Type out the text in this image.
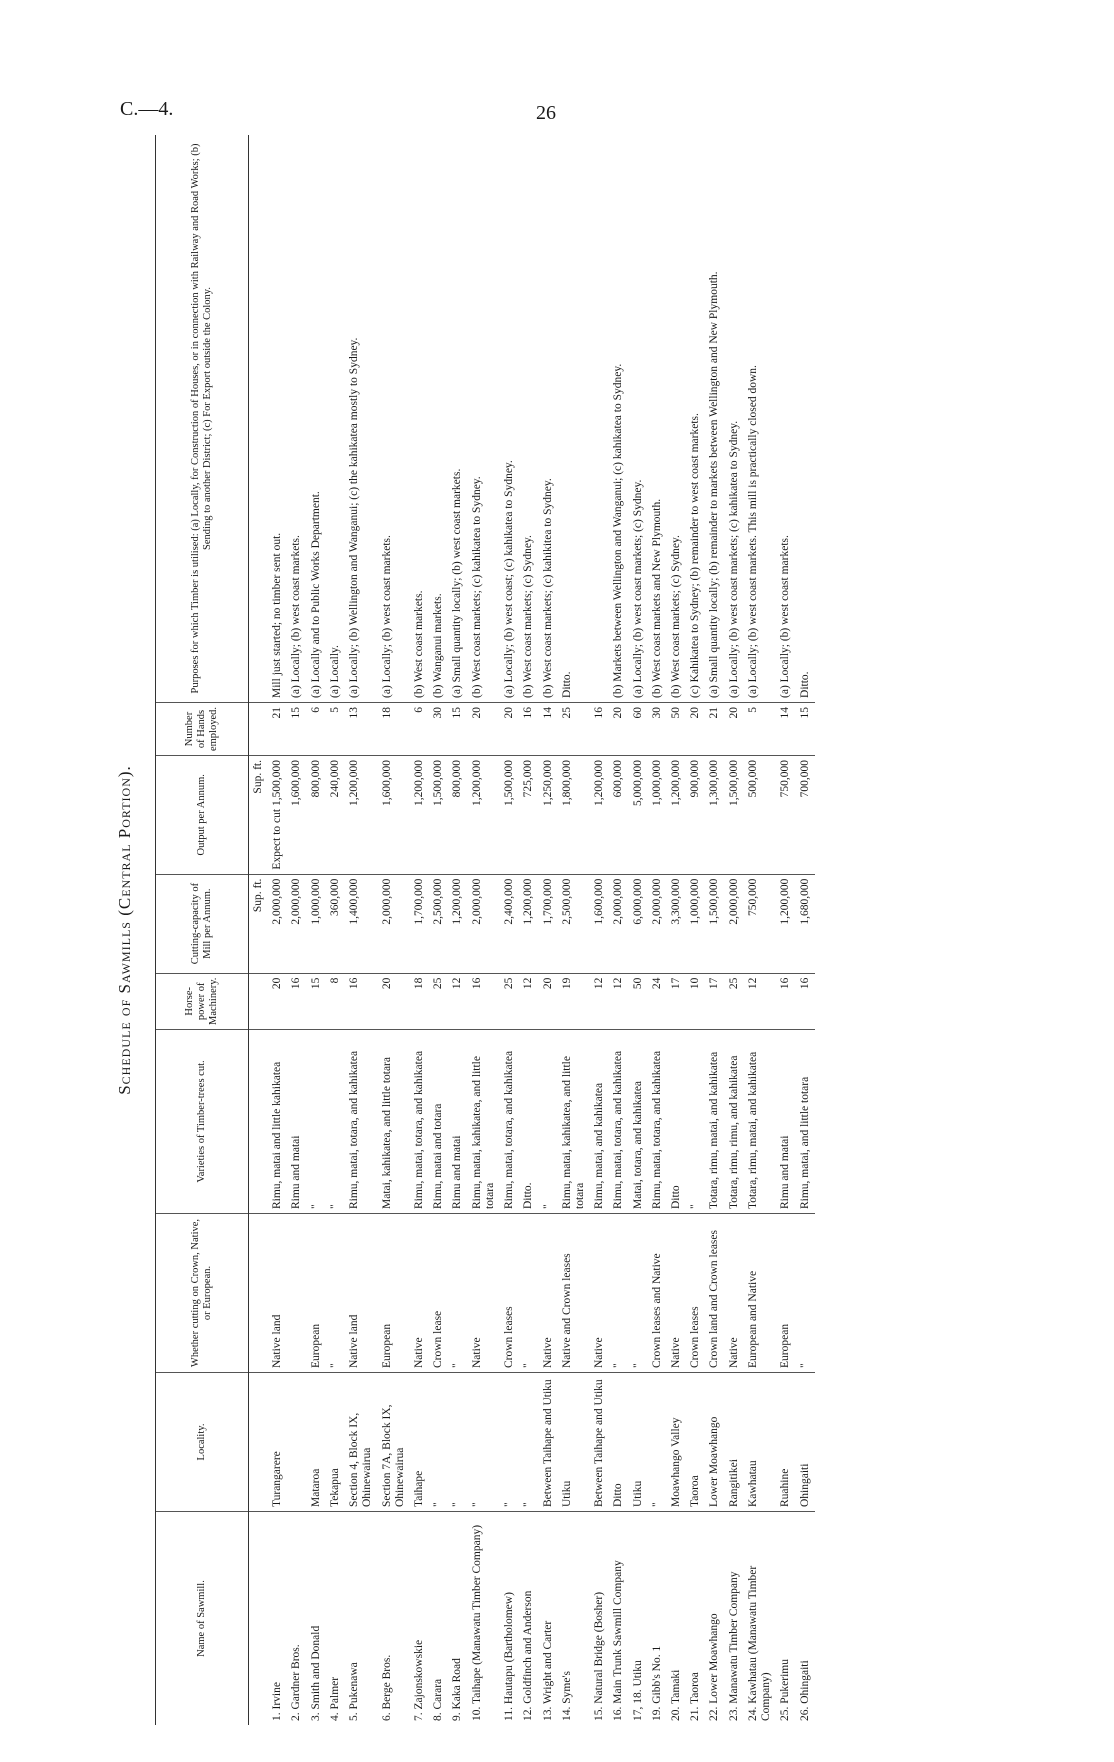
C.—4.	26
Schedule of Sawmills (Central Portion).
Name of Sawmill.	Locality.	Whether cutting on Crown, Native, or European.	Varieties of Timber-trees cut.	Horse-power of Machinery.	Cutting-capacity of Mill per Annum.	Output per Annum.	Number of Hands employed.	Purposes for which Timber is utilised: (a) Locally, for Construction of Houses, or in connection with Railway and Road Works; (b) Sending to another District; (c) For Export outside the Colony.
					Sup. ft.	Sup. ft.		
1. Irvine	Turangarere	Native land	Rimu, matai and little kahikatea	20	2,000,000	Expect to cut 1,500,000	21	Mill just started; no timber sent out.
2. Gardner Bros.			Rimu and matai	16	2,000,000	1,600,000	15	(a) Locally; (b) west coast markets.
3. Smith and Donald	Mataroa	European	"	15	1,000,000	800,000	6	(a) Locally and to Public Works Department.
4. Palmer	Tekapua	"	"	8	360,000	240,000	5	(a) Locally.
5. Pukenawa	Section 4, Block IX, Ohinewairua	Native land	Rimu, matai, totara, and kahikatea	16	1,400,000	1,200,000	13	(a) Locally; (b) Wellington and Wanganui; (c) the kahikatea mostly to Sydney.
6. Berge Bros.	Section 7A, Block IX, Ohinewairua	European	Matai, kahikatea, and little totara	20	2,000,000	1,600,000	18	(a) Locally; (b) west coast markets.
7. Zajonskowskie	Taihape	Native	Rimu, matai, totara, and kahikatea	18	1,700,000	1,200,000	6	(b) West coast markets.
8. Carara	"	Crown lease	Rimu, matai and totara	25	2,500,000	1,500,000	30	(b) Wanganui markets.
9. Kaka Road	"	"	Rimu and matai	12	1,200,000	800,000	15	(a) Small quantity locally; (b) west coast markets.
10. Taihape (Manawatu Timber Company)	"	Native	Rimu, matai, kahikatea, and little totara	16	2,000,000	1,200,000	20	(b) West coast markets; (c) kahikatea to Sydney.
11. Hautapu (Bartholomew)	"	Crown leases	Rimu, matai, totara, and kahikatea	25	2,400,000	1,500,000	20	(a) Locally; (b) west coast; (c) kahikatea to Sydney.
12. Goldfinch and Anderson	"	"	Ditto.	12	1,200,000	725,000	16	(b) West coast markets; (c) Sydney.
13. Wright and Carter	Between Taihape and Utiku	Native	"	20	1,700,000	1,250,000	14	(b) West coast markets; (c) kahikitea to Sydney.
14. Syme's	Utiku	Native and Crown leases	Rimu, matai, kahikatea, and little totara	19	2,500,000	1,800,000	25	Ditto.
15. Natural Bridge (Bosher)	Between Taihape and Utiku	Native	Rimu, matai, and kahikatea	12	1,600,000	1,200,000	16	
16. Main Trunk Sawmill Company	Ditto	"	Rimu, matai, totara, and kahikatea	12	2,000,000	600,000	20	(b) Markets between Wellington and Wanganui; (c) kahikatea to Sydney.
17, 18. Utiku	Utiku	"	Matai, totara, and kahikatea	50	6,000,000	5,000,000	60	(a) Locally; (b) west coast markets; (c) Sydney.
19. Gibb's No. 1	"	Crown leases and Native	Rimu, matai, totara, and kahikatea	24	2,000,000	1,000,000	30	(b) West coast markets and New Plymouth.
20. Tamaki	Moawhango Valley	Native	Ditto	17	3,300,000	1,200,000	50	(b) West coast markets; (c) Sydney.
21. Taoroa	Taoroa	Crown leases	"	10	1,000,000	900,000	20	(c) Kahikatea to Sydney; (b) remainder to west coast markets.
22. Lower Moawhango	Lower Moawhango	Crown land and Crown leases	Totara, rimu, matai, and kahikatea	17	1,500,000	1,300,000	21	(a) Small quantity locally; (b) remainder to markets between Wellington and New Plymouth.
23. Manawatu Timber Company	Rangitikei	Native	Totara, rimu, rimu, and kahikatea	25	2,000,000	1,500,000	20	(a) Locally; (b) west coast markets; (c) kahikatea to Sydney.
24. Kawhatau (Manawatu Timber Company)	Kawhatau	European and Native	Totara, rimu, matai, and kahikatea	12	750,000	500,000	5	(a) Locally; (b) west coast markets. This mill is practically closed down.
25. Pukerimu	Ruahine	European	Rimu and matai	16	1,200,000	750,000	14	(a) Locally; (b) west coast markets.
26. Ohingaiti	Ohingaiti	"	Rimu, matai, and little totara	16	1,680,000	700,000	15	Ditto.
